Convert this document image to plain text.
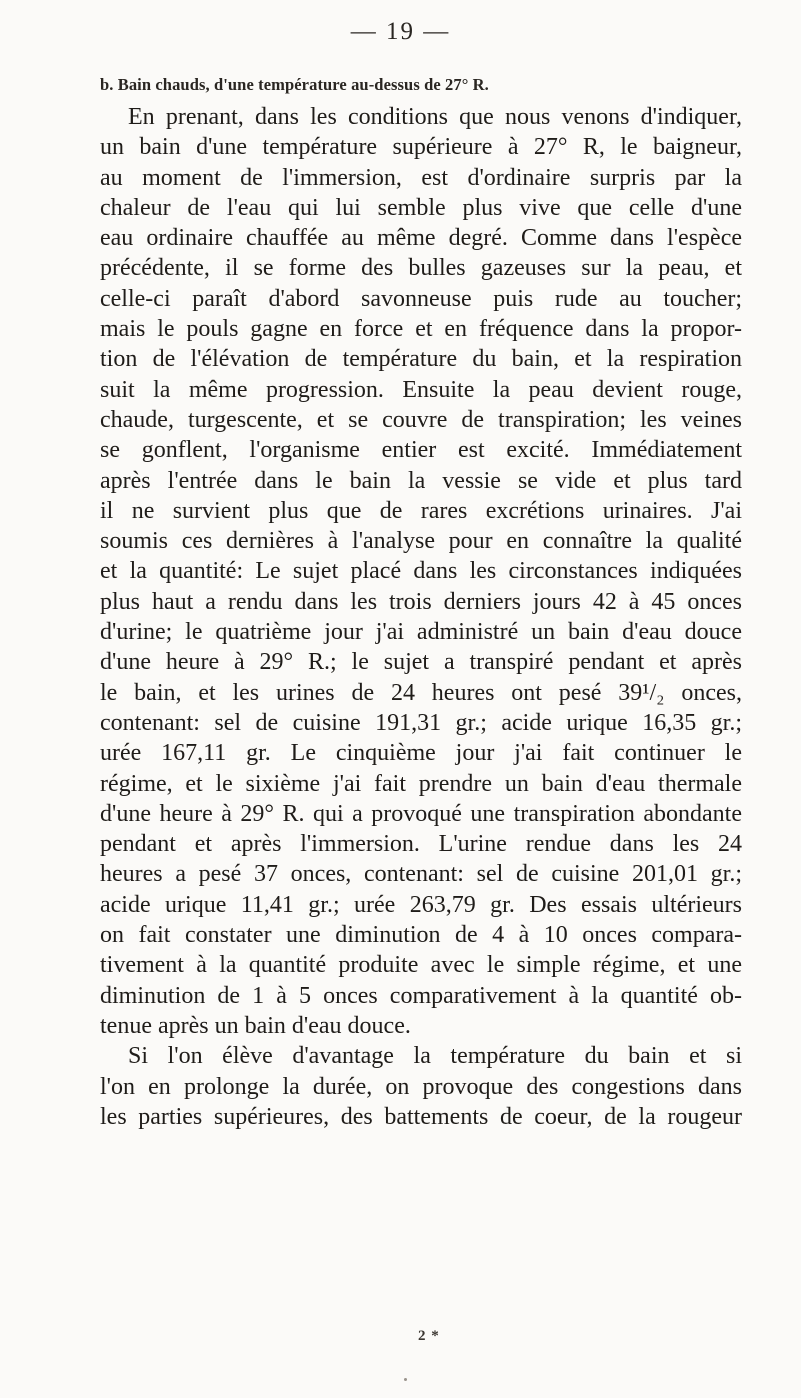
— 19 —
b. Bain chauds, d'une température au-dessus de 27° R.
En prenant, dans les conditions que nous venons d'indiquer,
un bain d'une température supérieure à 27° R, le baigneur,
au moment de l'immersion, est d'ordinaire surpris par la
chaleur de l'eau qui lui semble plus vive que celle d'une
eau ordinaire chauffée au même degré. Comme dans l'espèce
précédente, il se forme des bulles gazeuses sur la peau, et
celle-ci paraît d'abord savonneuse puis rude au toucher;
mais le pouls gagne en force et en fréquence dans la propor-
tion de l'élévation de température du bain, et la respiration
suit la même progression. Ensuite la peau devient rouge,
chaude, turgescente, et se couvre de transpiration; les veines
se gonflent, l'organisme entier est excité. Immédiatement
après l'entrée dans le bain la vessie se vide et plus tard
il ne survient plus que de rares excrétions urinaires. J'ai
soumis ces dernières à l'analyse pour en connaître la qualité
et la quantité: Le sujet placé dans les circonstances indiquées
plus haut a rendu dans les trois derniers jours 42 à 45 onces
d'urine; le quatrième jour j'ai administré un bain d'eau douce
d'une heure à 29° R.; le sujet a transpiré pendant et après
le bain, et les urines de 24 heures ont pesé 39¹/₂ onces,
contenant: sel de cuisine 191,31 gr.; acide urique 16,35 gr.;
urée 167,11 gr. Le cinquième jour j'ai fait continuer le
régime, et le sixième j'ai fait prendre un bain d'eau thermale
d'une heure à 29° R. qui a provoqué une transpiration abondante
pendant et après l'immersion. L'urine rendue dans les 24
heures a pesé 37 onces, contenant: sel de cuisine 201,01 gr.;
acide urique 11,41 gr.; urée 263,79 gr. Des essais ultérieurs
on fait constater une diminution de 4 à 10 onces compara-
tivement à la quantité produite avec le simple régime, et une
diminution de 1 à 5 onces comparativement à la quantité ob-
tenue après un bain d'eau douce.
Si l'on élève d'avantage la température du bain et si
l'on en prolonge la durée, on provoque des congestions dans
les parties supérieures, des battements de coeur, de la rougeur
2 *
